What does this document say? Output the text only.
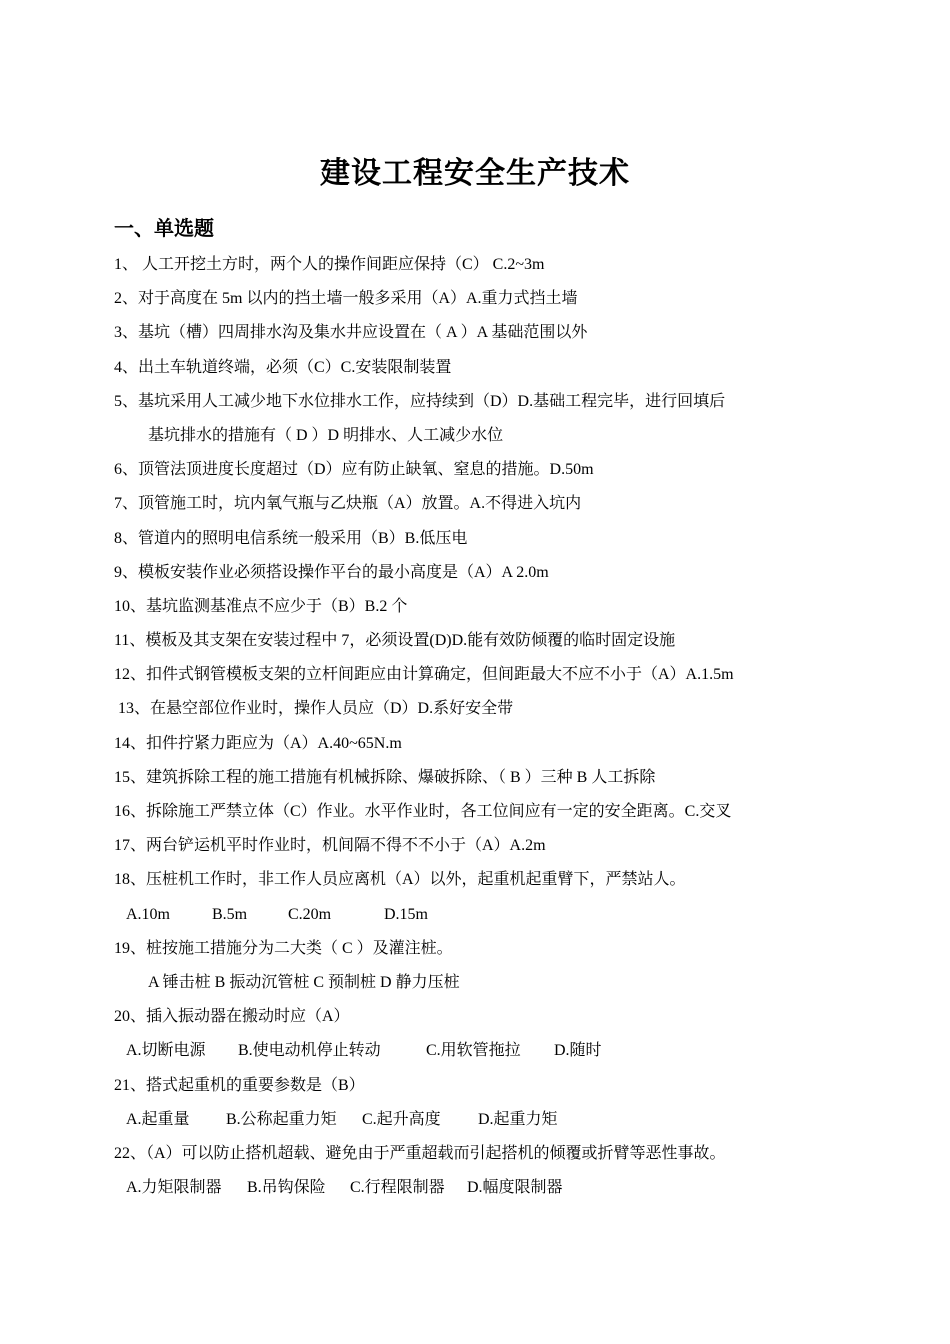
建设工程安全生产技术
一、单选题
1、 人工开挖土方时，两个人的操作间距应保持（C） C.2~3m
2、对于高度在 5m 以内的挡土墙一般多采用（A）A.重力式挡土墙
3、基坑（槽）四周排水沟及集水井应设置在（ A ）A 基础范围以外
4、出土车轨道终端，必须（C）C.安装限制装置
5、基坑采用人工减少地下水位排水工作，应持续到（D）D.基础工程完毕，进行回填后
基坑排水的措施有（ D ）D 明排水、人工减少水位
6、顶管法顶进度长度超过（D）应有防止缺氧、窒息的措施。D.50m
7、顶管施工时，坑内氧气瓶与乙炔瓶（A）放置。A.不得进入坑内
8、管道内的照明电信系统一般采用（B）B.低压电
9、模板安装作业必须搭设操作平台的最小高度是（A）A 2.0m
10、基坑监测基准点不应少于（B）B.2 个
11、模板及其支架在安装过程中 7，必须设置(D)D.能有效防倾覆的临时固定设施
12、扣件式钢管模板支架的立杆间距应由计算确定，但间距最大不应不小于（A）A.1.5m
13、在悬空部位作业时，操作人员应（D）D.系好安全带
14、扣件拧紧力距应为（A）A.40~65N.m
15、建筑拆除工程的施工措施有机械拆除、爆破拆除、（ B ）三种 B 人工拆除
16、拆除施工严禁立体（C）作业。水平作业时，各工位间应有一定的安全距离。C.交叉
17、两台铲运机平时作业时，机间隔不得不不小于（A）A.2m
18、压桩机工作时，非工作人员应离机（A）以外，起重机起重臂下，严禁站人。
A.10m	B.5m	C.20m	D.15m
19、桩按施工措施分为二大类（ C ）及灌注桩。
A 锤击桩 B 振动沉管桩 C 预制桩 D 静力压桩
20、插入振动器在搬动时应（A）
A.切断电源 B.使电动机停止转动	C.用软管拖拉 D.随时
21、搭式起重机的重要参数是（B）
A.起重量 B.公称起重力矩 C.起升高度 D.起重力矩
22、（A）可以防止搭机超载、避免由于严重超载而引起搭机的倾覆或折臂等恶性事故。
A.力矩限制器 B.吊钩保险 C.行程限制器 D.幅度限制器
